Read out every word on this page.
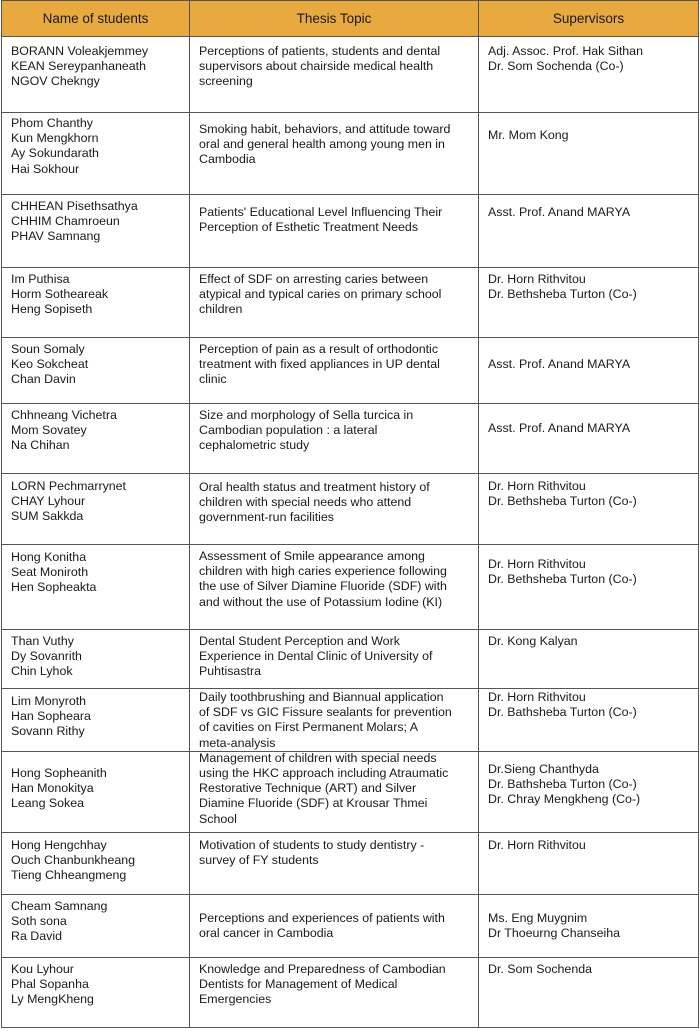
Name of students	Thesis Topic	Supervisors

BORANN Voleakjemmey
KEAN Sereypanhaneath
NGOV Chekngy	Perceptions of patients, students and dental
supervisors about chairside medical health
screening	Adj. Assoc. Prof. Hak Sithan
Dr. Som Sochenda (Co-)

Phom Chanthy
Kun Mengkhorn
Ay Sokundarath
Hai Sokhour	Smoking habit, behaviors, and attitude toward
oral and general health among young men in
Cambodia	Mr. Mom Kong

CHHEAN Pisethsathya
CHHIM Chamroeun
PHAV Samnang	Patients' Educational Level Influencing Their
Perception of Esthetic Treatment Needs	Asst. Prof. Anand MARYA

Im Puthisa
Horm Sotheareak
Heng Sopiseth	Effect of SDF on arresting caries between
atypical and typical caries on primary school
children	Dr. Horn Rithvitou
Dr. Bethsheba Turton (Co-)

Soun Somaly
Keo Sokcheat
Chan Davin	Perception of pain as a result of orthodontic
treatment with fixed appliances in UP dental
clinic	Asst. Prof. Anand MARYA

Chhneang Vichetra
Mom Sovatey
Na Chihan	Size and morphology of Sella turcica in
Cambodian population : a lateral
cephalometric study	Asst. Prof. Anand MARYA

LORN Pechmarrynet
CHAY Lyhour
SUM Sakkda	Oral health status and treatment history of
children with special needs who attend
government-run facilities	Dr. Horn Rithvitou
Dr. Bethsheba Turton (Co-)

Hong Konitha
Seat Moniroth
Hen Sopheakta	Assessment of Smile appearance among
children with high caries experience following
the use of Silver Diamine Fluoride (SDF) with
and without the use of Potassium Iodine (KI)	Dr. Horn Rithvitou
Dr. Bethsheba Turton (Co-)

Than Vuthy
Dy Sovanrith
Chin Lyhok	Dental Student Perception and Work
Experience in Dental Clinic of University of
Puhtisastra	Dr. Kong Kalyan

Lim Monyroth
Han Sopheara
Sovann Rithy	Daily toothbrushing and Biannual application
of SDF vs GIC Fissure sealants for prevention
of cavities on First Permanent Molars; A
meta-analysis	Dr. Horn Rithvitou
Dr. Bathsheba Turton (Co-)

Hong Sopheanith
Han Monokitya
Leang Sokea	Management of children with special needs
using the HKC approach including Atraumatic
Restorative Technique (ART) and Silver
Diamine Fluoride (SDF) at Krousar Thmei
School	Dr.Sieng Chanthyda
Dr. Bathsheba Turton (Co-)
Dr. Chray Mengkheng (Co-)

Hong Hengchhay
Ouch Chanbunkheang
Tieng Chheangmeng	Motivation of students to study dentistry -
survey of FY students	Dr. Horn Rithvitou

Cheam Samnang
Soth sona
Ra David	Perceptions and experiences of patients with
oral cancer in Cambodia	Ms. Eng Muygnim
Dr Thoeurng Chanseiha

Kou Lyhour
Phal Sopanha
Ly MengKheng	Knowledge and Preparedness of Cambodian
Dentists for Management of Medical
Emergencies	Dr. Som Sochenda
